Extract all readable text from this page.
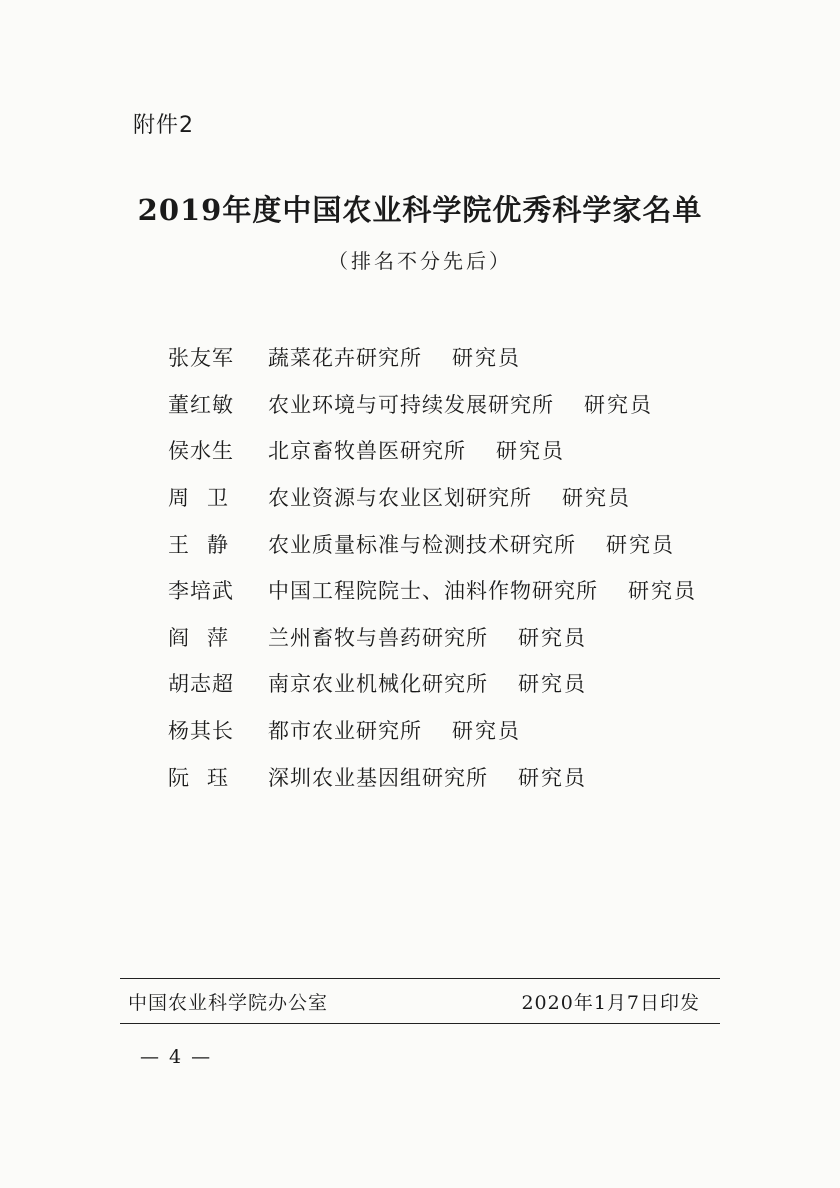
附件2
2019年度中国农业科学院优秀科学家名单
（排名不分先后）
张友军	蔬菜花卉研究所 研究员
董红敏	农业环境与可持续发展研究所 研究员
侯水生	北京畜牧兽医研究所 研究员
周卫	农业资源与农业区划研究所 研究员
王静	农业质量标准与检测技术研究所 研究员
李培武	中国工程院院士、油料作物研究所 研究员
阎萍	兰州畜牧与兽药研究所 研究员
胡志超	南京农业机械化研究所 研究员
杨其长	都市农业研究所 研究员
阮珏	深圳农业基因组研究所 研究员
中国农业科学院办公室	2020年1月7日印发
— 4 —
